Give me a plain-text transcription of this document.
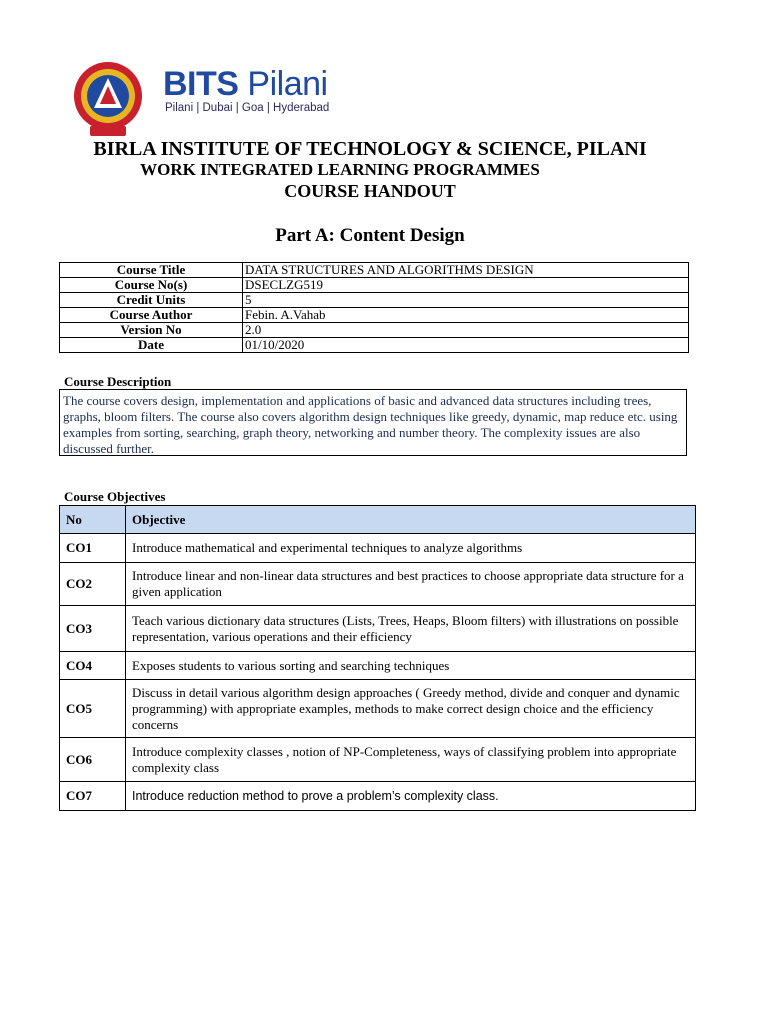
BITS Pilani
Pilani | Dubai | Goa | Hyderabad
BIRLA INSTITUTE OF TECHNOLOGY & SCIENCE, PILANI
WORK INTEGRATED LEARNING PROGRAMMES
COURSE HANDOUT
Part A: Content Design
Course Title	DATA STRUCTURES AND ALGORITHMS DESIGN
Course No(s)	DSECLZG519
Credit Units	5
Course Author	Febin. A.Vahab
Version No	2.0
Date	01/10/2020
Course Description
The course covers design, implementation and applications of basic and advanced data structures including trees, graphs, bloom filters. The course also covers algorithm design techniques like greedy, dynamic, map reduce etc. using examples from sorting, searching, graph theory, networking and number theory. The complexity issues are also discussed further.
Course Objectives
No	Objective
CO1	Introduce mathematical and experimental techniques to analyze algorithms
CO2	Introduce linear and non-linear data structures and best practices to choose appropriate data structure for a given application
CO3	Teach various dictionary data structures (Lists, Trees, Heaps, Bloom filters) with illustrations on possible representation, various operations and their efficiency
CO4	Exposes students to various sorting and searching techniques
CO5	Discuss in detail various algorithm design approaches ( Greedy method, divide and conquer and dynamic programming) with appropriate examples, methods to make correct design choice and the efficiency concerns
CO6	Introduce complexity classes , notion of NP-Completeness, ways of classifying problem into appropriate complexity class
CO7	Introduce reduction method to prove a problem’s complexity class.
